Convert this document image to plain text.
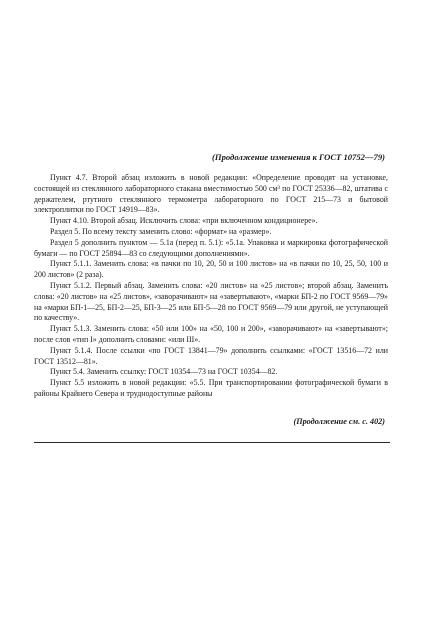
(Продолжение изменения к ГОСТ 10752—79)

Пункт 4.7. Второй абзац изложить в новой редакции: «Определение проводят на установке, состоящей из стеклянного лабораторного стакана вместимостью 500 см³ по ГОСТ 25336—82, штатива с держателем, ртутного стеклянного термометра лабораторного по ГОСТ 215—73 и бытовой электроплитки по ГОСТ 14919—83».

Пункт 4.10. Второй абзац. Исключить слова: «при включенном кондиционере».

Раздел 5. По всему тексту заменить слово: «формат» на «размер».

Раздел 5 дополнить пунктом — 5.1а (перед п. 5.1): «5.1а. Упаковка и маркировка фотографической бумаги — по ГОСТ 25894—83 со следующими дополнениями».

Пункт 5.1.1. Заменить слова: «в пачки по 10, 20, 50 и 100 листов» на «в пачки по 10, 25, 50, 100 и 200 листов» (2 раза).

Пункт 5.1.2. Первый абзац. Заменить слова: «20 листов» на «25 листов»; второй абзац. Заменить слова: «20 листов» на «25 листов», «заворачивают» на «завертывают», «марки БП-2 по ГОСТ 9569—79» на «марки БП-1—25, БП-2—25, БП-3—25 или БП-5—28 по ГОСТ 9569—79 или другой, не уступающей по качеству».

Пункт 5.1.3. Заменить слова: «50 или 100» на «50, 100 и 200», «заворачивают» на «завертывают»; после слов «тип I» дополнить словами: «или III».

Пункт 5.1.4. После ссылки «по ГОСТ 13841—79» дополнить ссылками: «ГОСТ 13516—72 или ГОСТ 13512—81».

Пункт 5.4. Заменить ссылку: ГОСТ 10354—73 на ГОСТ 10354—82.

Пункт 5.5 изложить в новой редакции: «5.5. При транспортировании фотографической бумаги в районы Крайнего Севера и труднодоступные районы

(Продолжение см. с. 402)
